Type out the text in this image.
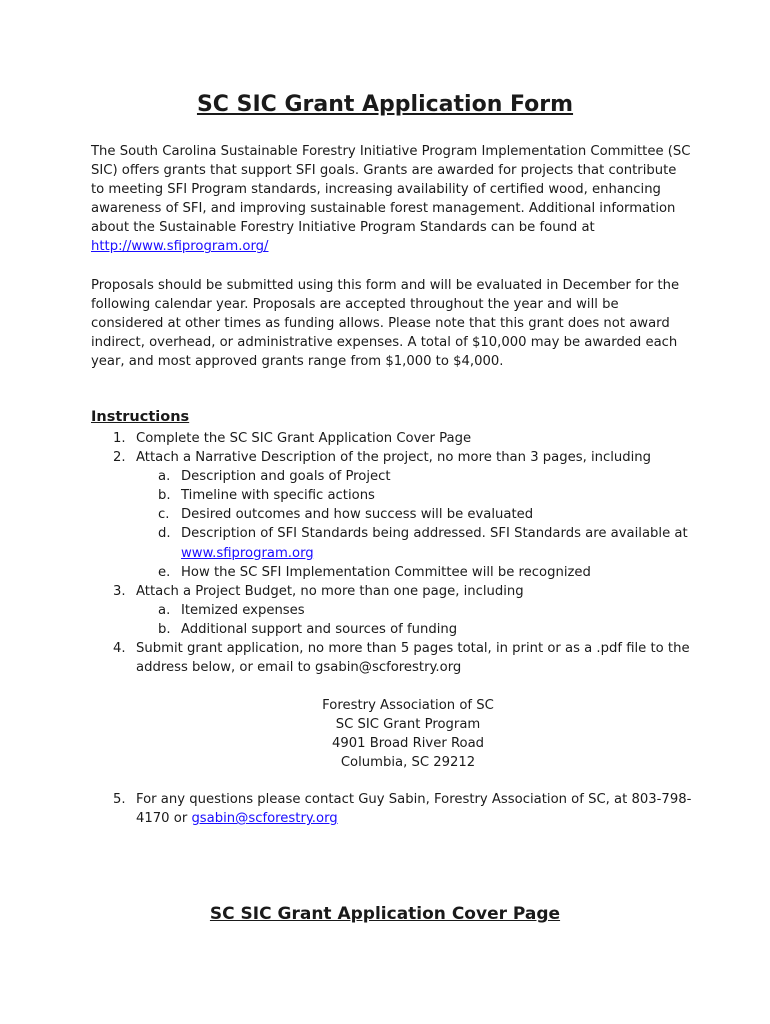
SC SIC Grant Application Form

The South Carolina Sustainable Forestry Initiative Program Implementation Committee (SC SIC) offers grants that support SFI goals. Grants are awarded for projects that contribute to meeting SFI Program standards, increasing availability of certified wood, enhancing awareness of SFI, and improving sustainable forest management. Additional information about the Sustainable Forestry Initiative Program Standards can be found at http://www.sfiprogram.org/

Proposals should be submitted using this form and will be evaluated in December for the following calendar year. Proposals are accepted throughout the year and will be considered at other times as funding allows. Please note that this grant does not award indirect, overhead, or administrative expenses. A total of $10,000 may be awarded each year, and most approved grants range from $1,000 to $4,000.

Instructions
1. Complete the SC SIC Grant Application Cover Page
2. Attach a Narrative Description of the project, no more than 3 pages, including
a. Description and goals of Project
b. Timeline with specific actions
c. Desired outcomes and how success will be evaluated
d. Description of SFI Standards being addressed. SFI Standards are available at www.sfiprogram.org
e. How the SC SFI Implementation Committee will be recognized
3. Attach a Project Budget, no more than one page, including
a. Itemized expenses
b. Additional support and sources of funding
4. Submit grant application, no more than 5 pages total, in print or as a .pdf file to the address below, or email to gsabin@scforestry.org
Forestry Association of SC
SC SIC Grant Program
4901 Broad River Road
Columbia, SC 29212
5. For any questions please contact Guy Sabin, Forestry Association of SC, at 803-798-4170 or gsabin@scforestry.org
SC SIC Grant Application Cover Page
